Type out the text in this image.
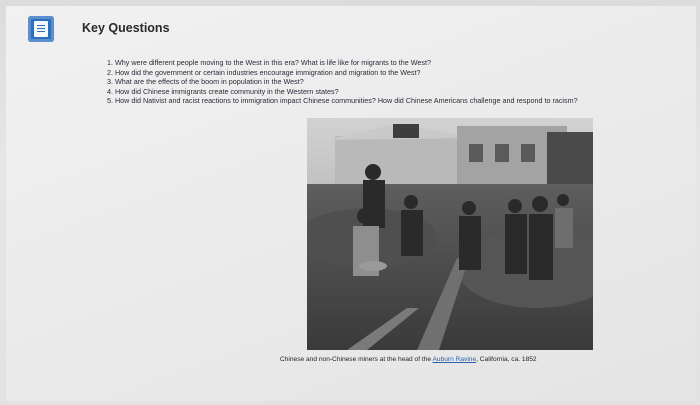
Key Questions
1. Why were different people moving to the West in this era? What is life like for migrants to the West?
2. How did the government or certain industries encourage immigration and migration to the West?
3. What are the effects of the boom in population in the West?
4. How did Chinese immigrants create community in the Western states?
5. How did Nativist and racist reactions to immigration impact Chinese communities? How did Chinese Americans challenge and respond to racism?
Chinese and non-Chinese miners at the head of the Auburn Ravine, California, ca. 1852
